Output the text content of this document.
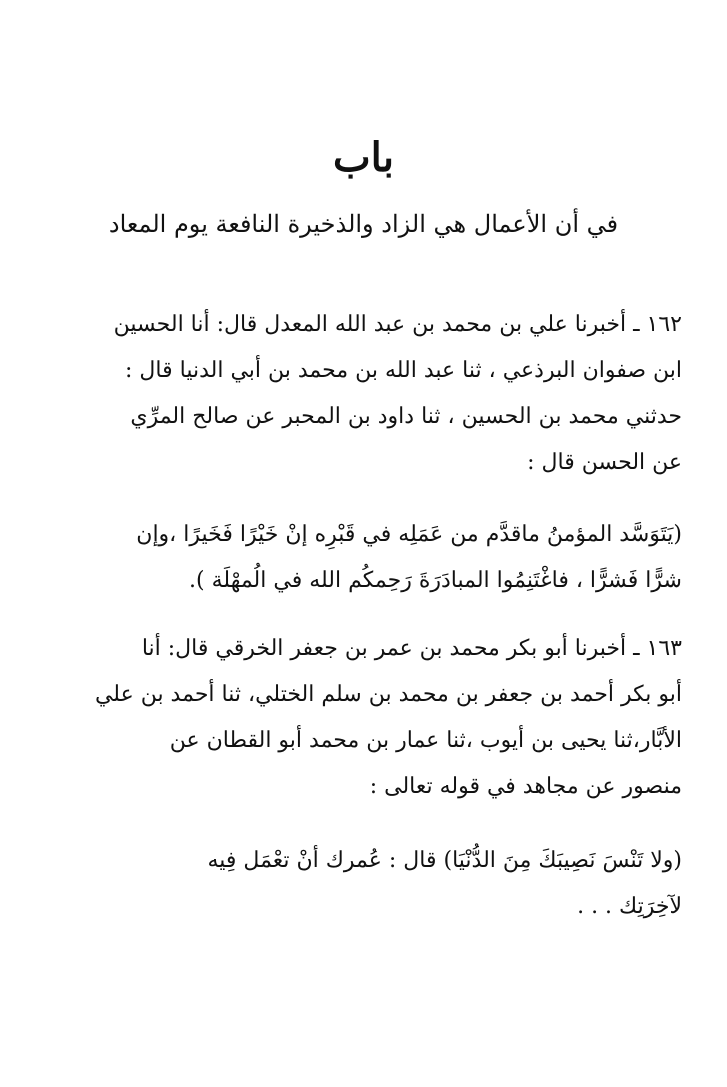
باب
في أن الأعمال هي الزاد والذخيرة النافعة يوم المعاد
١٦٢ ـ أخبرنا علي بن محمد بن عبد الله المعدل قال: أنا الحسين
ابن صفوان البرذعي ، ثنا عبد الله بن محمد بن أبي الدنيا قال :
حدثني محمد بن الحسين ، ثنا داود بن المحبر عن صالح المرِّي
عن الحسن قال :
(يَتَوَسَّد المؤمنُ ماقدَّم من عَمَلِه في قَبْرِه إنْ خَيْرًا فَخَيرًا ،وإن
شرًّا فَشرًّا ، فاغْتَنِمُوا المبادَرَةَ رَحِمكُم الله في الُمهْلَة ).
١٦٣ ـ أخبرنا أبو بكر محمد بن عمر بن جعفر الخرقي قال: أنا
أبو بكر أحمد بن جعفر بن محمد بن سلم الختلي، ثنا أحمد بن علي
الأبَّار،ثنا يحيى بن أيوب ،ثنا عمار بن محمد أبو القطان عن
منصور عن مجاهد في قوله تعالى :
(ولا تَنْسَ نَصِيبَكَ مِنَ الدُّنْيَا) قال : عُمرك أنْ تعْمَل فِيه
لآخِرَتِك . . .
